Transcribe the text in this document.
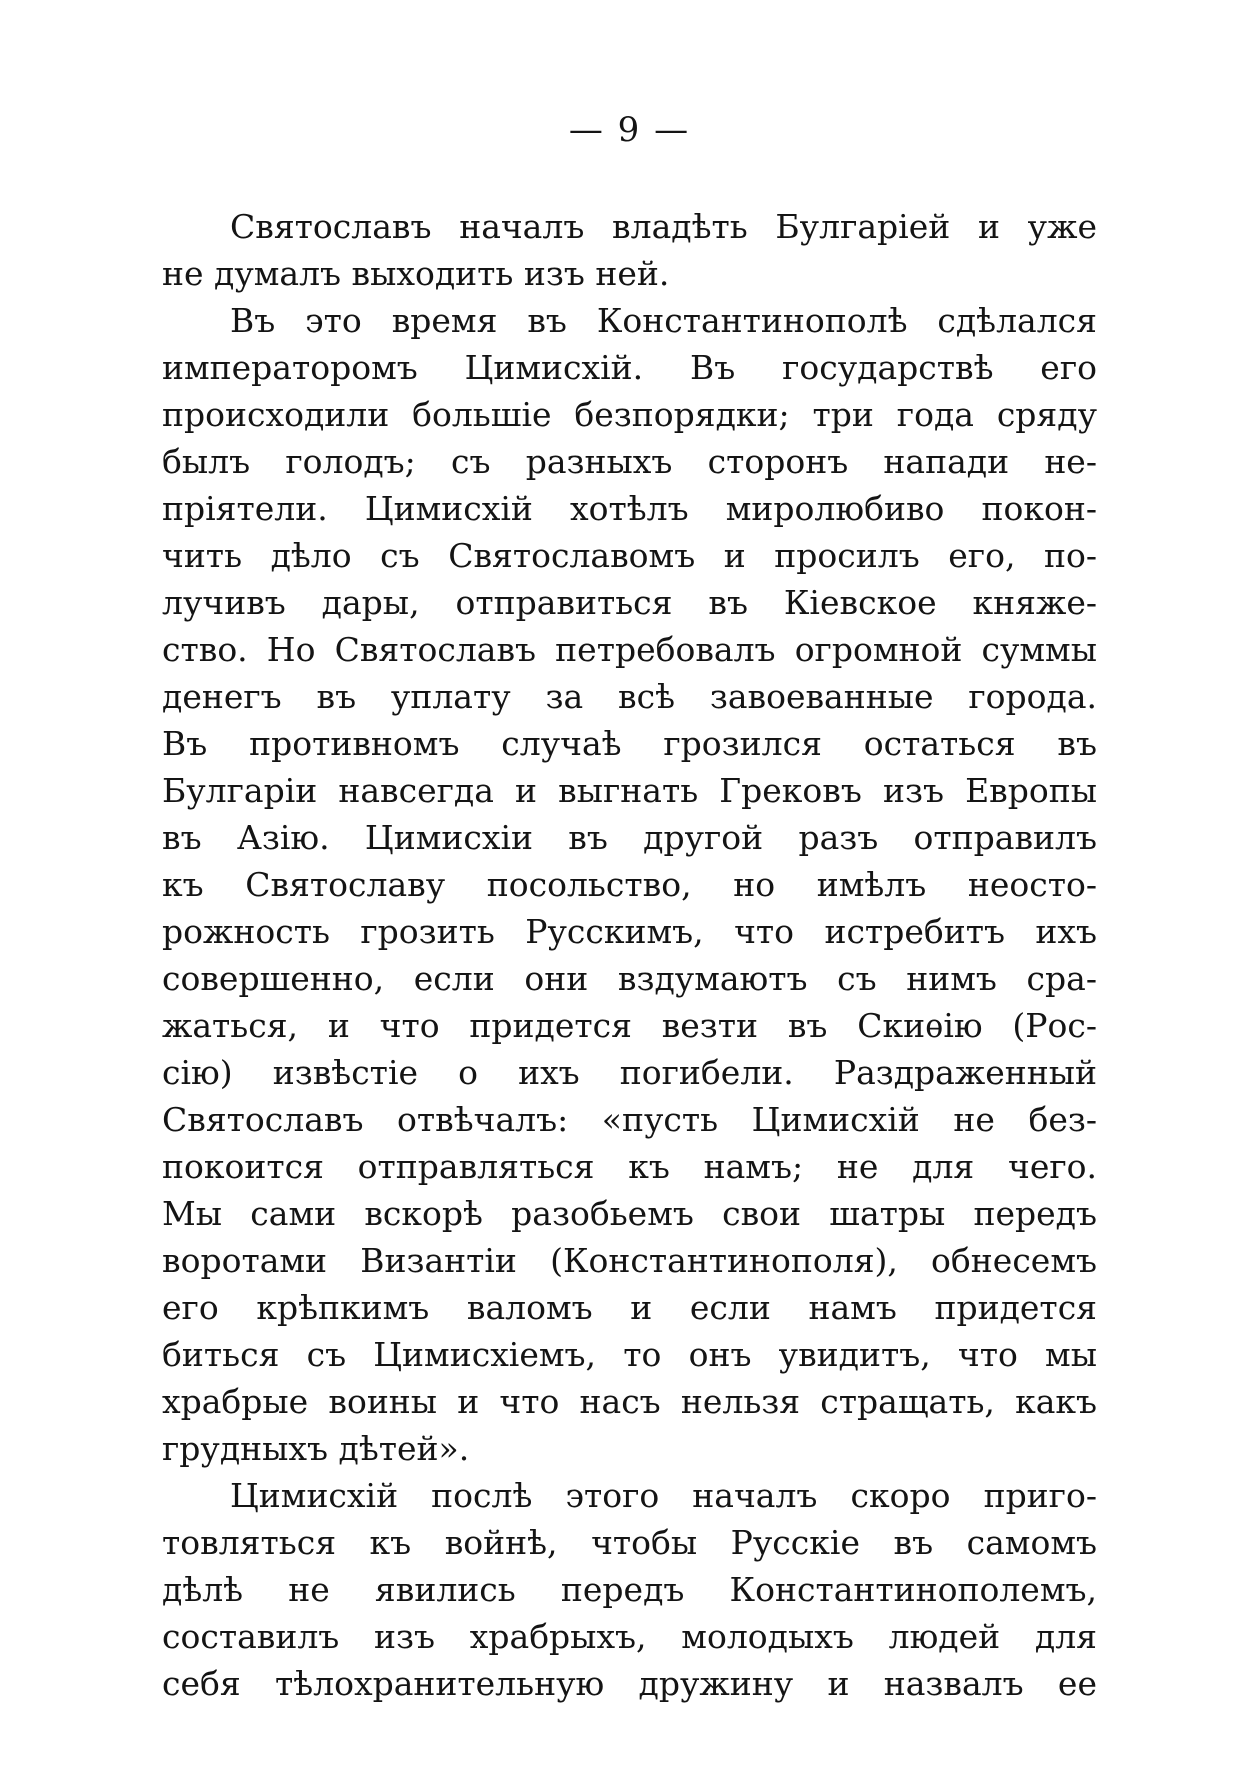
— 9 —
Святославъ началъ владѣть Булгаріей и уже
не думалъ выходить изъ ней.
Въ это время въ Константинополѣ сдѣлался
императоромъ Цимисхій. Въ государствѣ его
происходили большіе безпорядки; три года сряду
былъ голодъ; съ разныхъ сторонъ напади не-
пріятели. Цимисхій хотѣлъ миролюбиво покон-
чить дѣло съ Святославомъ и просилъ его, по-
лучивъ дары, отправиться въ Кіевское княже-
ство. Но Святославъ петребовалъ огромной суммы
денегъ въ уплату за всѣ завоеванные города.
Въ противномъ случаѣ грозился остаться въ
Булгаріи навсегда и выгнать Грековъ изъ Европы
въ Азію. Цимисхіи въ другой разъ отправилъ
къ Святославу посольство, но имѣлъ неосто-
рожность грозить Русскимъ, что истребитъ ихъ
совершенно, если они вздумаютъ съ нимъ сра-
жаться, и что придется везти въ Скиѳію (Рос-
сію) извѣстіе о ихъ погибели. Раздраженный
Святославъ отвѣчалъ: «пусть Цимисхій не без-
покоится отправляться къ намъ; не для чего.
Мы сами вскорѣ разобьемъ свои шатры передъ
воротами Византіи (Константинополя), обнесемъ
его крѣпкимъ валомъ и если намъ придется
биться съ Цимисхіемъ, то онъ увидитъ, что мы
храбрые воины и что насъ нельзя стращать, какъ
грудныхъ дѣтей».
Цимисхій послѣ этого началъ скоро приго-
товляться къ войнѣ, чтобы Русскіе въ самомъ
дѣлѣ не явились передъ Константинополемъ,
составилъ изъ храбрыхъ, молодыхъ людей для
себя тѣлохранительную дружину и назвалъ ее
